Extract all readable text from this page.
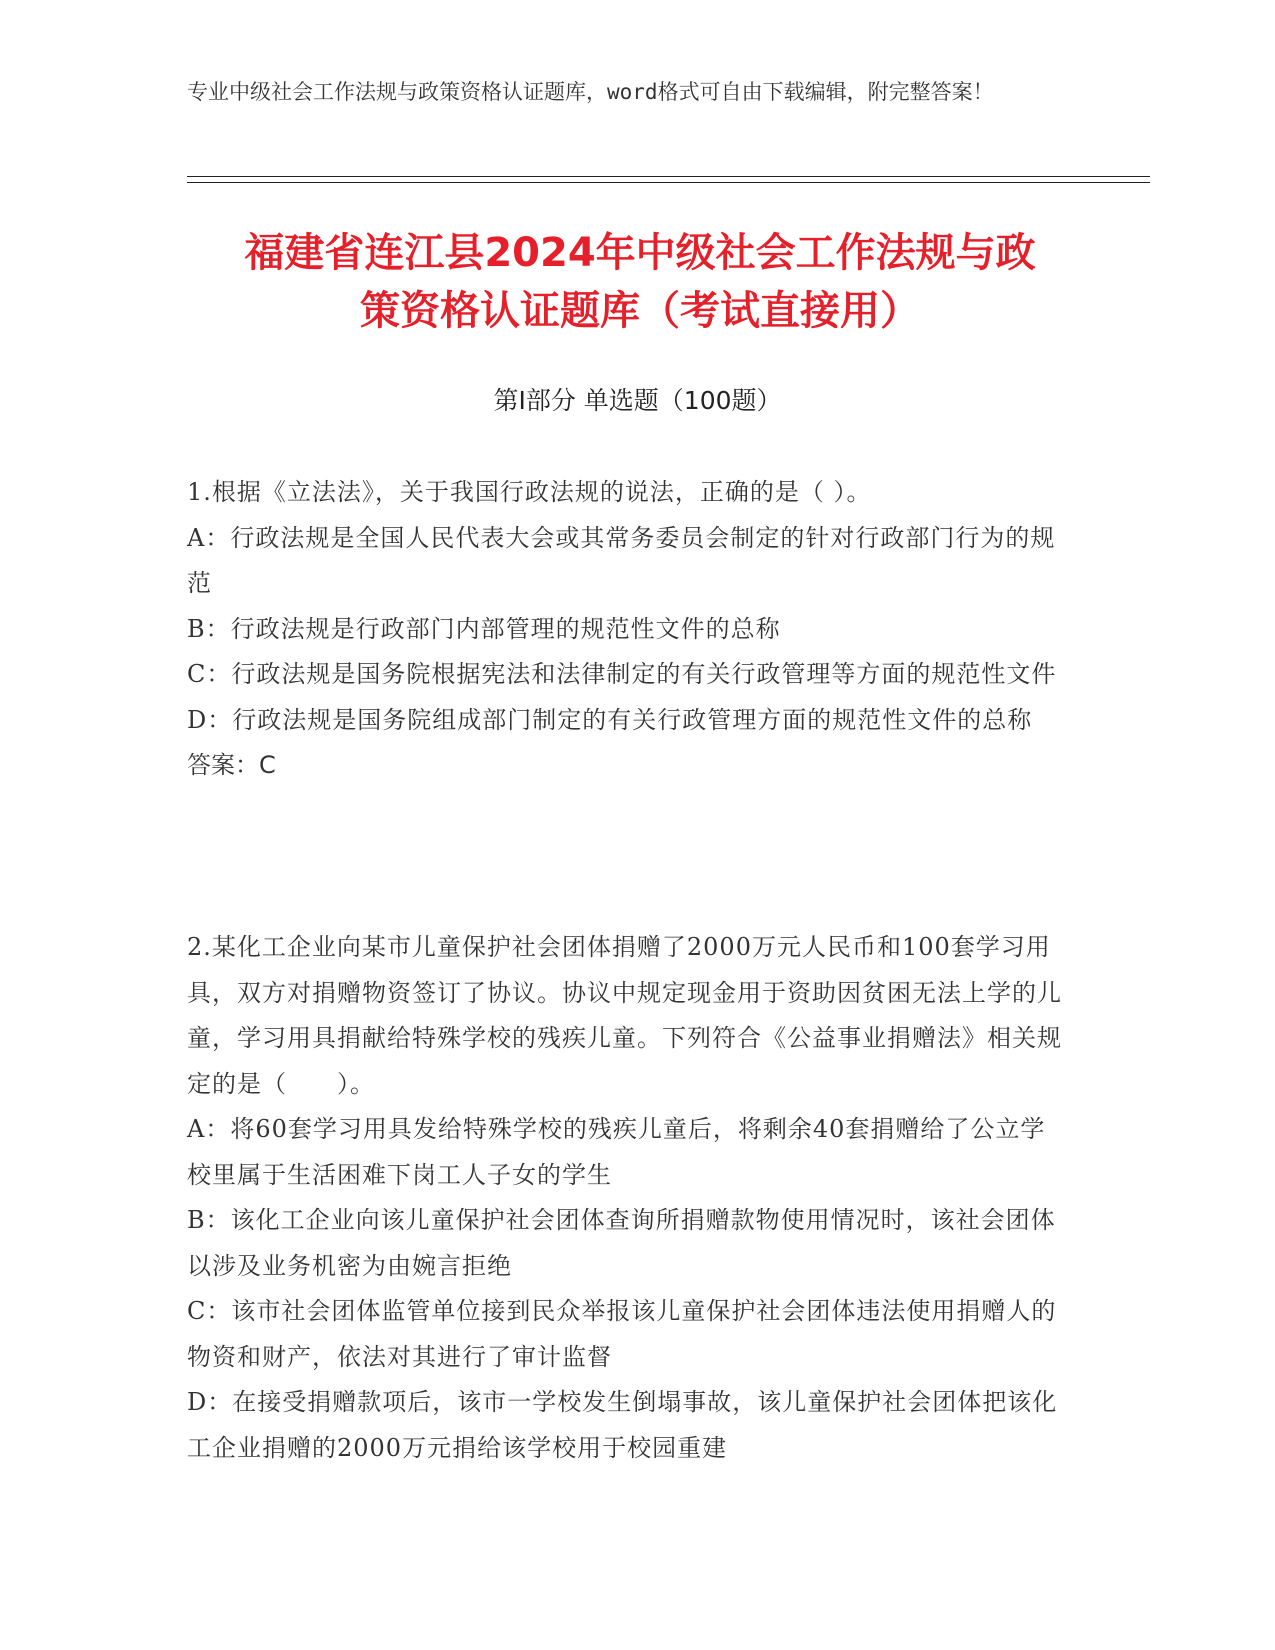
专业中级社会工作法规与政策资格认证题库，word格式可自由下载编辑，附完整答案！
福建省连江县2024年中级社会工作法规与政
策资格认证题库（考试直接用）
第Ⅰ部分 单选题（100题）

1.根据《立法法》，关于我国行政法规的说法，正确的是（ ）。

A：行政法规是全国人民代表大会或其常务委员会制定的针对行政部门行为的规范

B：行政法规是行政部门内部管理的规范性文件的总称

C：行政法规是国务院根据宪法和法律制定的有关行政管理等方面的规范性文件

D：行政法规是国务院组成部门制定的有关行政管理方面的规范性文件的总称

答案：C

2.某化工企业向某市儿童保护社会团体捐赠了2000万元人民币和100套学习用具，双方对捐赠物资签订了协议。协议中规定现金用于资助因贫困无法上学的儿童，学习用具捐献给特殊学校的残疾儿童。下列符合《公益事业捐赠法》相关规定的是（　　）。

A：将60套学习用具发给特殊学校的残疾儿童后，将剩余40套捐赠给了公立学校里属于生活困难下岗工人子女的学生

B：该化工企业向该儿童保护社会团体查询所捐赠款物使用情况时，该社会团体以涉及业务机密为由婉言拒绝

C：该市社会团体监管单位接到民众举报该儿童保护社会团体违法使用捐赠人的物资和财产，依法对其进行了审计监督

D：在接受捐赠款项后，该市一学校发生倒塌事故，该儿童保护社会团体把该化工企业捐赠的2000万元捐给该学校用于校园重建
